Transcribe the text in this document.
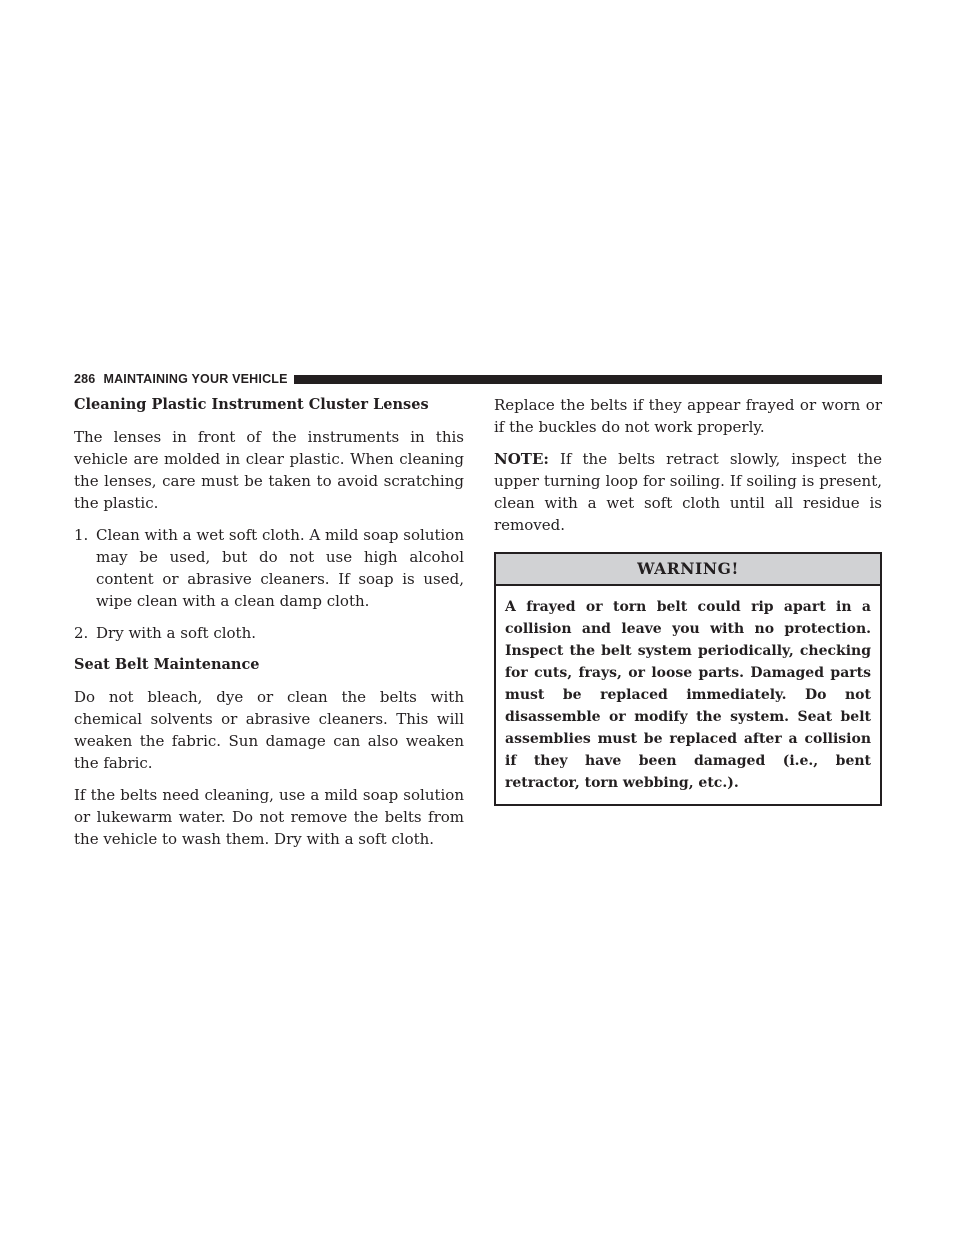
286 MAINTAINING YOUR VEHICLE
Cleaning Plastic Instrument Cluster Lenses

The lenses in front of the instruments in this vehicle are molded in clear plastic. When cleaning the lenses, care must be taken to avoid scratching the plastic.

1. Clean with a wet soft cloth. A mild soap solution may be used, but do not use high alcohol content or abrasive cleaners. If soap is used, wipe clean with a clean damp cloth.
2. Dry with a soft cloth.
Seat Belt Maintenance

Do not bleach, dye or clean the belts with chemical solvents or abrasive cleaners. This will weaken the fabric. Sun damage can also weaken the fabric.

If the belts need cleaning, use a mild soap solution or lukewarm water. Do not remove the belts from the vehicle to wash them. Dry with a soft cloth.

Replace the belts if they appear frayed or worn or if the buckles do not work properly.

NOTE: If the belts retract slowly, inspect the upper turning loop for soiling. If soiling is present, clean with a wet soft cloth until all residue is removed.

WARNING!
A frayed or torn belt could rip apart in a collision and leave you with no protection. Inspect the belt system periodically, checking for cuts, frays, or loose parts. Damaged parts must be replaced immediately. Do not disassemble or modify the system. Seat belt assemblies must be replaced after a collision if they have been damaged (i.e., bent retractor, torn webbing, etc.).
